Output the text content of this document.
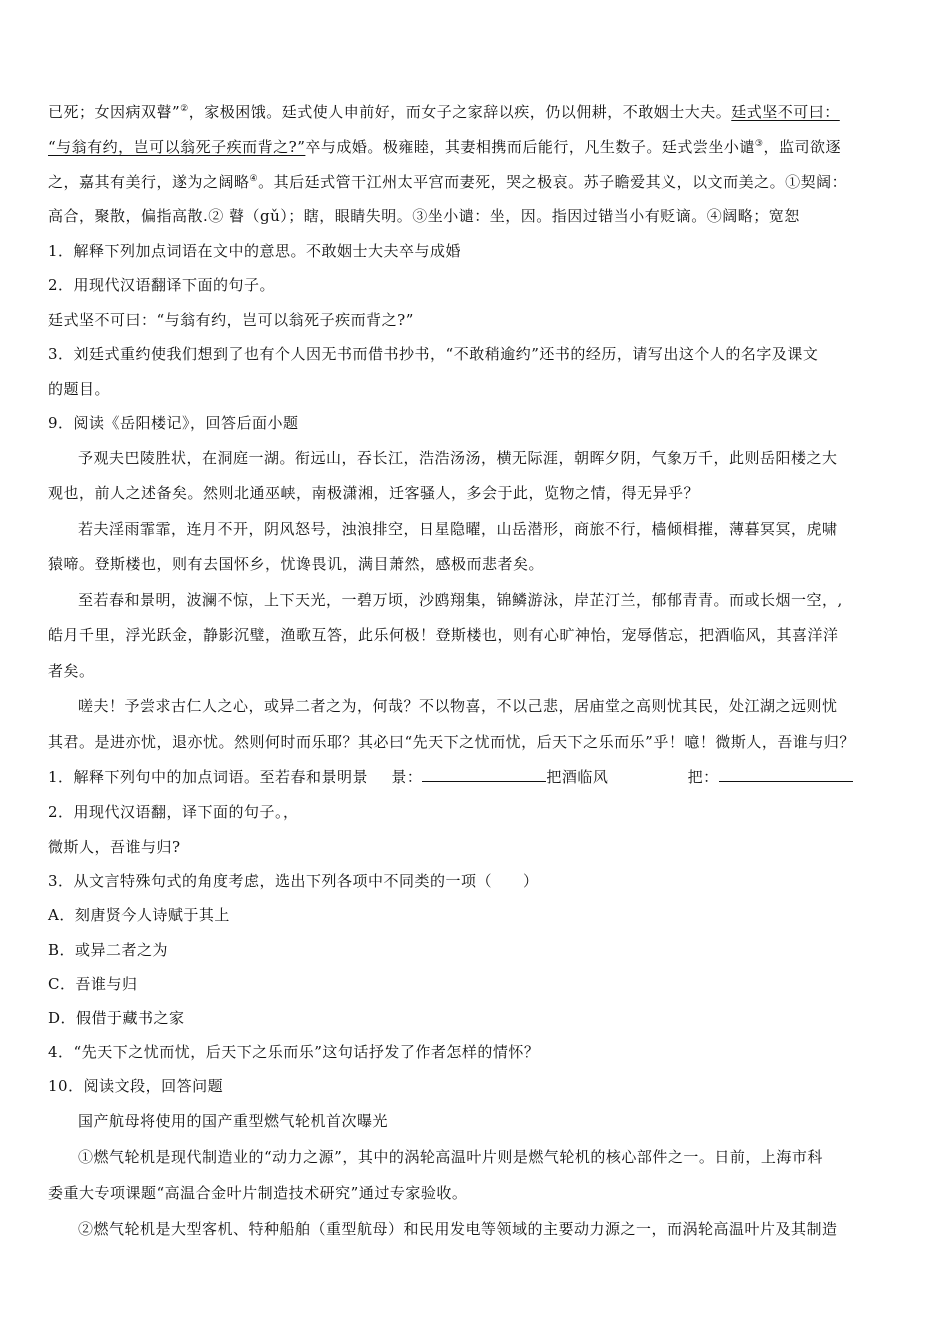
已死；女因病双瞽”②，家极困饿。廷式使人申前好，而女子之家辞以疾，仍以佣耕，不敢姻士大夫。廷式坚不可曰：
“与翁有约，岂可以翁死子疾而背之?”卒与成婚。极雍睦，其妻相携而后能行，凡生数子。廷式尝坐小谴③，监司欲逐
之，嘉其有美行，遂为之阔略④。其后廷式管干江州太平宫而妻死，哭之极哀。苏子瞻爱其义，以文而美之。①契阔：
高合，聚散，偏指高散.② 瞽（gǔ）；瞎，眼睛失明。③坐小谴：坐，因。指因过错当小有贬谪。④阔略；宽恕
1．解释下列加点词语在文中的意思。不敢姻士大夫卒与成婚
2．用现代汉语翻译下面的句子。
廷式坚不可曰：“与翁有约，岂可以翁死子疾而背之?”
3．刘廷式重约使我们想到了也有个人因无书而借书抄书，“不敢稍逾约”还书的经历，请写出这个人的名字及课文
的题目。
9．阅读《岳阳楼记》，回答后面小题
予观夫巴陵胜状，在洞庭一湖。衔远山，吞长江，浩浩汤汤，横无际涯，朝晖夕阴，气象万千，此则岳阳楼之大
观也，前人之述备矣。然则北通巫峡，南极潇湘，迁客骚人，多会于此，览物之情，得无异乎？
若夫淫雨霏霏，连月不开，阴风怒号，浊浪排空，日星隐曜，山岳潜形，商旅不行，樯倾楫摧，薄暮冥冥，虎啸
猿啼。登斯楼也，则有去国怀乡，忧谗畏讥，满目萧然，感极而悲者矣。
至若春和景明，波澜不惊，上下天光，一碧万顷，沙鸥翔集，锦鳞游泳，岸芷汀兰，郁郁青青。而或长烟一空，,
皓月千里，浮光跃金，静影沉璧，渔歌互答，此乐何极！登斯楼也，则有心旷神怡，宠辱偕忘，把酒临风，其喜洋洋
者矣。
嗟夫！予尝求古仁人之心，或异二者之为，何哉？不以物喜，不以己悲，居庙堂之高则忧其民，处江湖之远则忧
其君。是进亦忧，退亦忧。然则何时而乐耶？其必曰“先天下之忧而忧，后天下之乐而乐”乎！噫！微斯人，吾谁与归？
1．解释下列句中的加点词语。至若春和景明景 景：	把酒临风	把：
2．用现代汉语翻，译下面的句子。，
微斯人，吾谁与归?
3．从文言特殊句式的角度考虑，选出下列各项中不同类的一项（　　）
A．刻唐贤今人诗赋于其上
B．或异二者之为
C．吾谁与归
D．假借于藏书之家
4．“先天下之忧而忧，后天下之乐而乐”这句话抒发了作者怎样的情怀？
10．阅读文段，回答问题
国产航母将使用的国产重型燃气轮机首次曝光
①燃气轮机是现代制造业的“动力之源”，其中的涡轮高温叶片则是燃气轮机的核心部件之一。日前，上海市科
委重大专项课题“高温合金叶片制造技术研究”通过专家验收。
②燃气轮机是大型客机、特种船舶（重型航母）和民用发电等领域的主要动力源之一，而涡轮高温叶片及其制造
